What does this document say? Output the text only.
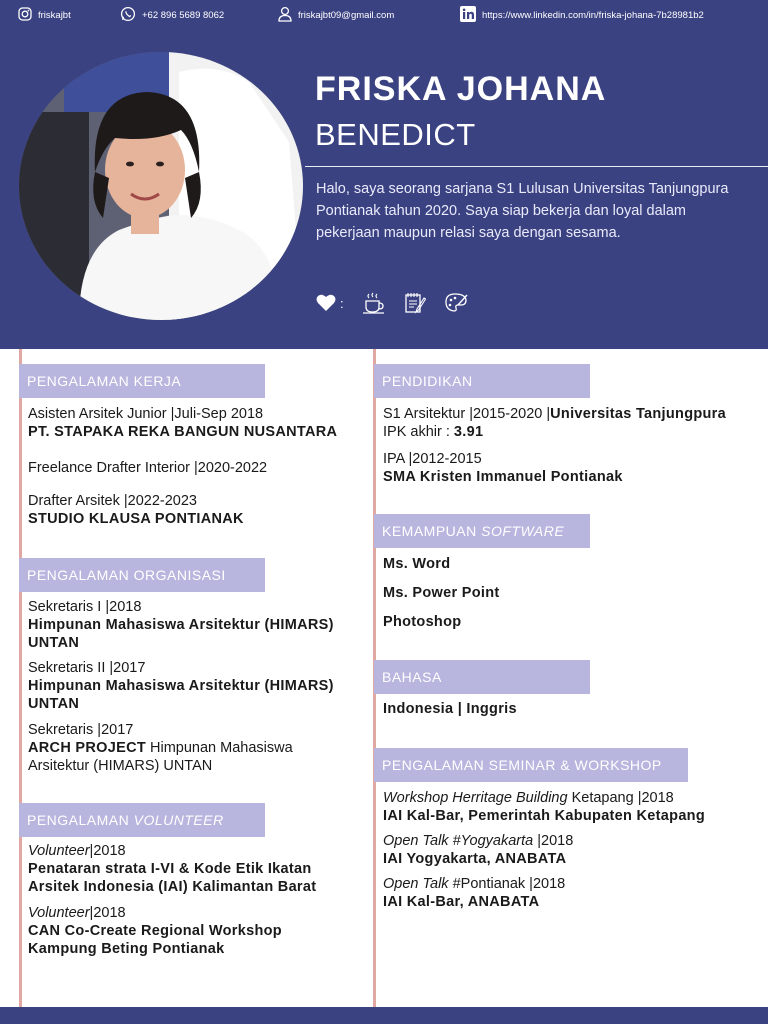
friskajbt	+62 896 5689 8062	friskajbt09@gmail.com	https://www.linkedin.com/in/friska-johana-7b28981b2
FRISKA JOHANA
BENEDICT
Halo, saya seorang sarjana S1 Lulusan Universitas Tanjungpura Pontianak tahun 2020. Saya siap bekerja dan loyal dalam pekerjaan maupun relasi saya dengan sesama.
:
PENGALAMAN KERJA
Asisten Arsitek Junior |Juli-Sep 2018
PT. STAPAKA REKA BANGUN NUSANTARA
Freelance Drafter Interior |2020-2022
Drafter Arsitek |2022-2023
STUDIO KLAUSA PONTIANAK
PENGALAMAN ORGANISASI
Sekretaris I |2018
Himpunan Mahasiswa Arsitektur (HIMARS)
UNTAN
Sekretaris II |2017
Himpunan Mahasiswa Arsitektur (HIMARS)
UNTAN
Sekretaris |2017
ARCH PROJECT Himpunan Mahasiswa
Arsitektur (HIMARS) UNTAN
PENGALAMAN VOLUNTEER
Volunteer|2018
Penataran strata I-VI & Kode Etik Ikatan
Arsitek Indonesia (IAI) Kalimantan Barat
Volunteer|2018
CAN Co-Create Regional Workshop
Kampung Beting Pontianak
PENDIDIKAN
S1 Arsitektur |2015-2020 |Universitas Tanjungpura
IPK akhir : 3.91
IPA |2012-2015
SMA Kristen Immanuel Pontianak
KEMAMPUAN SOFTWARE
Ms. Word
Ms. Power Point
Photoshop
BAHASA
Indonesia | Inggris
PENGALAMAN SEMINAR & WORKSHOP
Workshop Herritage Building Ketapang |2018
IAI Kal-Bar, Pemerintah Kabupaten Ketapang
Open Talk #Yogyakarta |2018
IAI Yogyakarta, ANABATA
Open Talk #Pontianak |2018
IAI Kal-Bar, ANABATA
